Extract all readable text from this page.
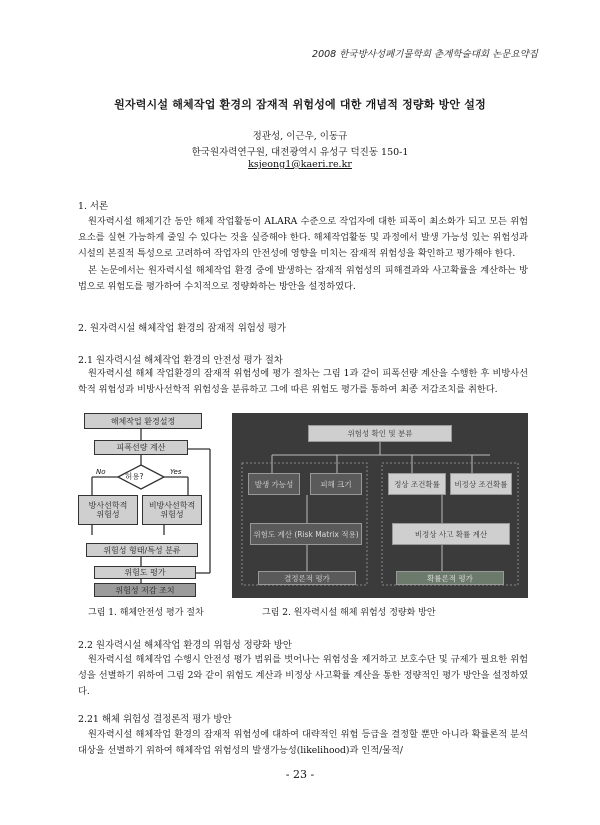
2008 한국방사성폐기물학회 춘계학술대회 논문요약집
원자력시설 해체작업 환경의 잠재적 위험성에 대한 개념적 정량화 방안 설정
정관성, 이근우, 이동규
한국원자력연구원, 대전광역시 유성구 덕진동 150-1
ksjeong1@kaeri.re.kr
1. 서론

원자력시설 해체기간 동안 해체 작업활동이 ALARA 수준으로 작업자에 대한 피폭이 최소화가 되고 모든 위험요소를 실현 가능하게 줄일 수 있다는 것을 실증해야 한다. 해체작업활동 및 과정에서 발생 가능성 있는 위험성과 시설의 본질적 특성으로 고려하여 작업자의 안전성에 영향을 미치는 잠재적 위험성을 확인하고 평가해야 한다.

본 논문에서는 원자력시설 해체작업 환경 중에 발생하는 잠재적 위험성의 피해결과와 사고확률을 계산하는 방법으로 위험도를 평가하여 수치적으로 정량화하는 방안을 설정하였다.

2. 원자력시설 해체작업 환경의 잠재적 위험성 평가
2.1 원자력시설 해체작업 환경의 안전성 평가 절차

원자력시설 해체 작업환경의 잠재적 위험성에 평가 절차는 그림 1과 같이 피폭선량 계산을 수행한 후 비방사선학적 위험성과 비방사선학적 위험성을 분류하고 그에 따른 위험도 평가를 통하여 최종 저감조치를 취한다.

해체작업 환경설정
피폭선량 계산
허용?
No	Yes
방사선학적
위험성
비방사선학적
위험성
위험성 형태/특성 분류
위험도 평가
위험성 저감 조치
위험성 확인 및 분류
발생 가능성	피해 크기	정상 조건확률	비정상 조건확률
위험도 계산 (Risk Matrix 적용)	비정상 사고 확률 계산
결정론적 평가	확률론적 평가
그림 1. 해체안전성 평가 절차	그림 2. 원자력시설 해체 위험성 정량화 방안
2.2 원자력시설 해체작업 환경의 위험성 정량화 방안

원자력시설 해체작업 수행시 안전성 평가 범위를 벗어나는 위험성을 제거하고 보호수단 및 규제가 필요한 위험성을 선별하기 위하여 그림 2와 같이 위험도 계산과 비정상 사고확률 계산을 통한 정량적인 평가 방안을 설정하였다.

2.21 해체 위험성 결정론적 평가 방안

원자력시설 해체작업 환경의 잠재적 위험성에 대하여 대략적인 위험 등급을 결정할 뿐만 아니라 확률론적 분석 대상을 선별하기 위하여 해체작업 위험성의 발생가능성(likelihood)과 인적/물적/

- 23 -
